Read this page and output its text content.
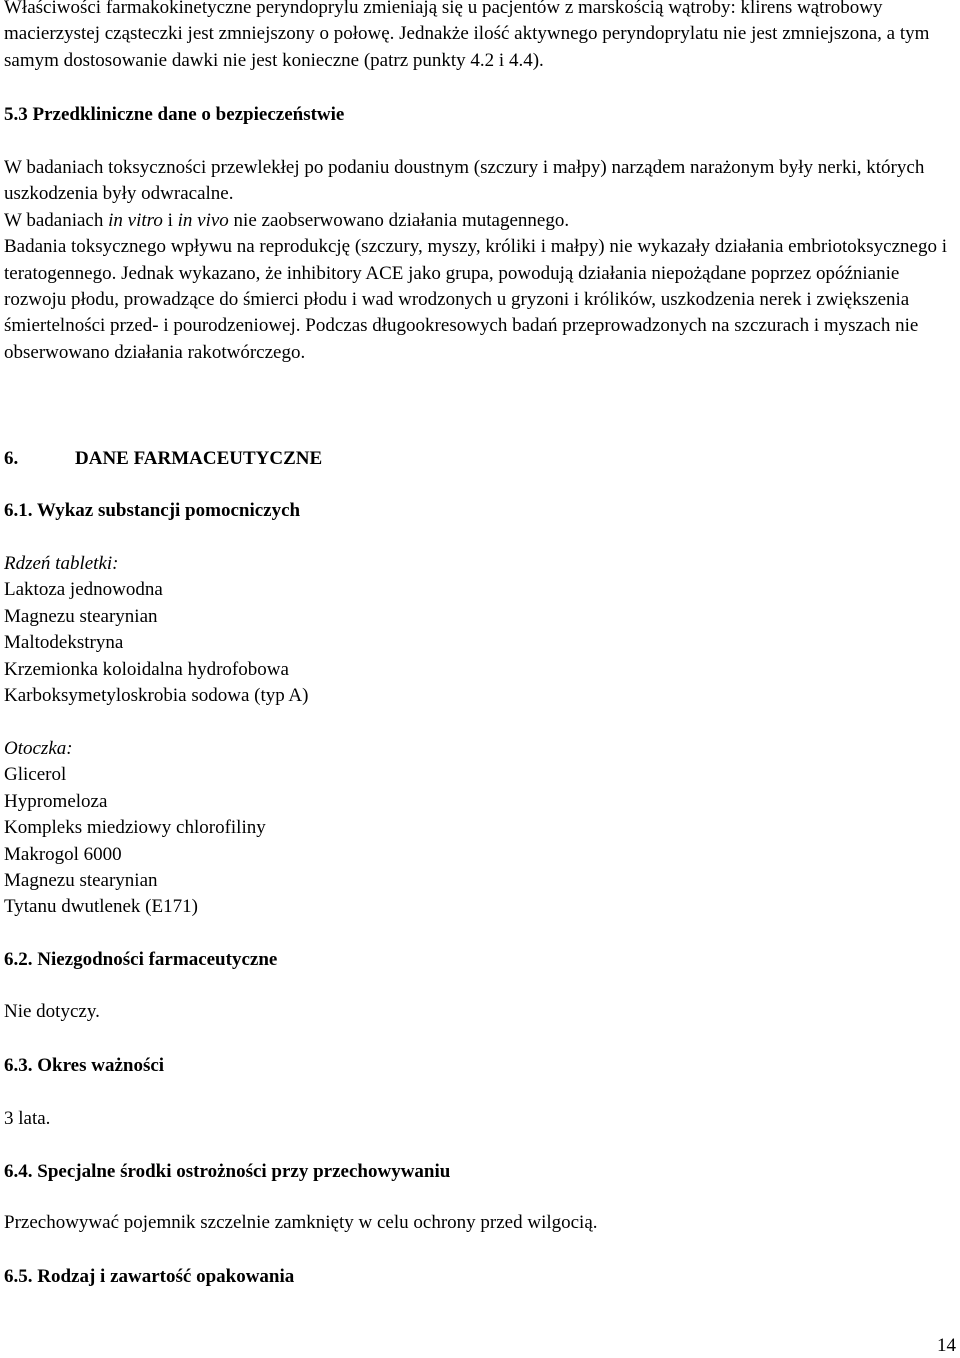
Właściwości farmakokinetyczne peryndoprylu zmieniają się u pacjentów z marskością wątroby: klirens wątrobowy macierzystej cząsteczki jest zmniejszony o połowę. Jednakże ilość aktywnego peryndoprylatu nie jest zmniejszona, a tym samym dostosowanie dawki nie jest konieczne (patrz punkty 4.2 i 4.4).

5.3 Przedkliniczne dane o bezpieczeństwie

W badaniach toksyczności przewlekłej po podaniu doustnym (szczury i małpy) narządem narażonym były nerki, których uszkodzenia były odwracalne.

W badaniach in vitro i in vivo nie zaobserwowano działania mutagennego.

Badania toksycznego wpływu na reprodukcję (szczury, myszy, króliki i małpy) nie wykazały działania embriotoksycznego i teratogennego. Jednak wykazano, że inhibitory ACE jako grupa, powodują działania niepożądane poprzez opóźnianie rozwoju płodu, prowadzące do śmierci płodu i wad wrodzonych u gryzoni i królików, uszkodzenia nerek i zwiększenia śmiertelności przed- i pourodzeniowej. Podczas długookresowych badań przeprowadzonych na szczurach i myszach nie obserwowano działania rakotwórczego.

6.	DANE FARMACEUTYCZNE

6.1. Wykaz substancji pomocniczych

Rdzeń tabletki:
Laktoza jednowodna
Magnezu stearynian
Maltodekstryna
Krzemionka koloidalna hydrofobowa
Karboksymetyloskrobia sodowa (typ A)
Otoczka:
Glicerol
Hypromeloza
Kompleks miedziowy chlorofiliny
Makrogol 6000
Magnezu stearynian
Tytanu dwutlenek (E171)

6.2. Niezgodności farmaceutyczne

Nie dotyczy.

6.3. Okres ważności

3 lata.

6.4. Specjalne środki ostrożności przy przechowywaniu

Przechowywać pojemnik szczelnie zamknięty w celu ochrony przed wilgocią.

6.5. Rodzaj i zawartość opakowania

14
